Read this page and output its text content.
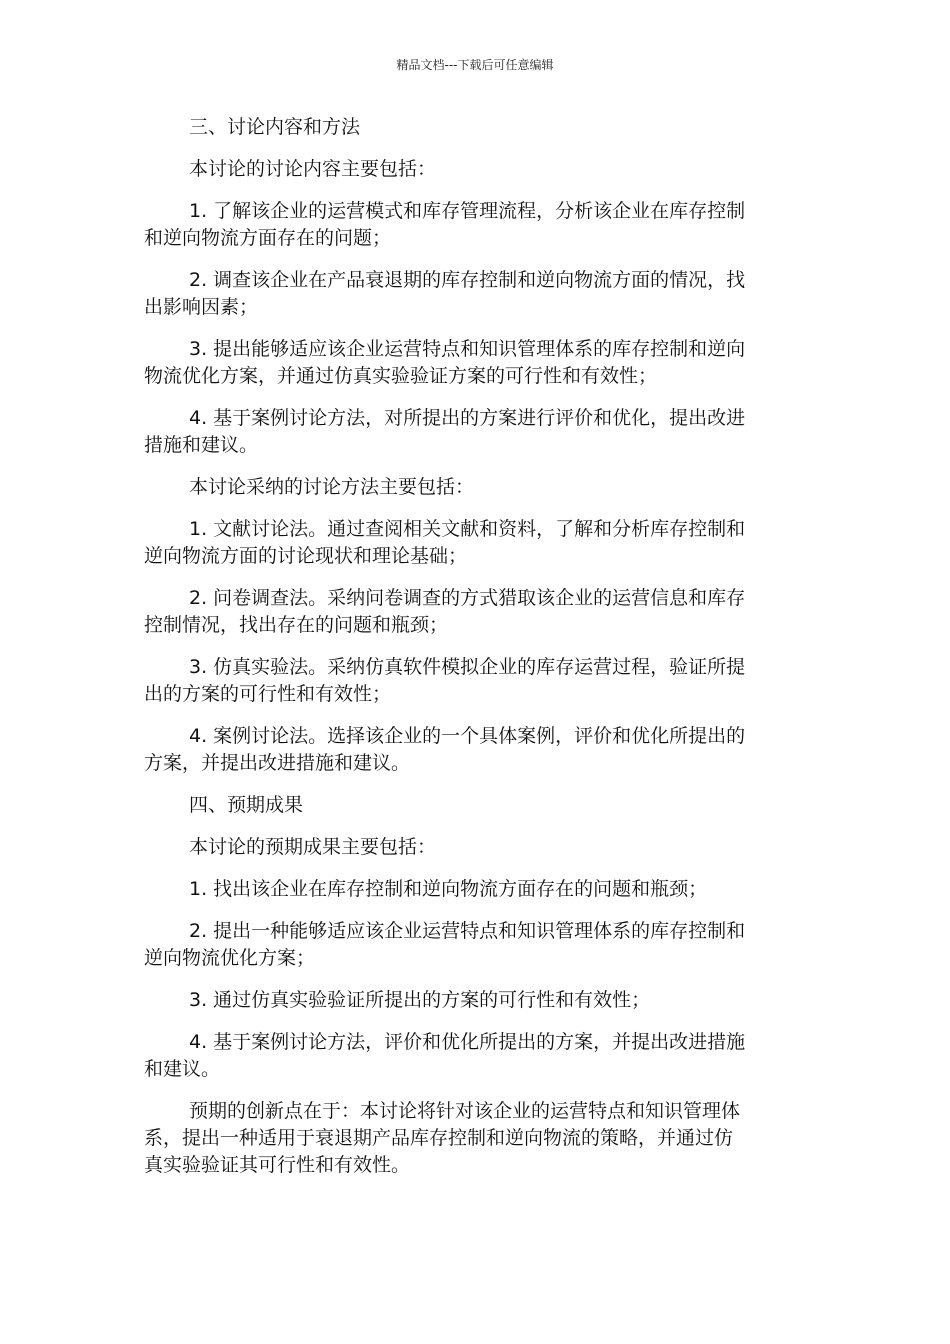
精品文档---下载后可任意编辑

三、讨论内容和方法

本讨论的讨论内容主要包括：

1. 了解该企业的运营模式和库存管理流程，分析该企业在库存控制
和逆向物流方面存在的问题；
2. 调查该企业在产品衰退期的库存控制和逆向物流方面的情况，找
出影响因素；
3. 提出能够适应该企业运营特点和知识管理体系的库存控制和逆向
物流优化方案，并通过仿真实验验证方案的可行性和有效性；
4. 基于案例讨论方法，对所提出的方案进行评价和优化，提出改进
措施和建议。

本讨论采纳的讨论方法主要包括：

1. 文献讨论法。通过查阅相关文献和资料，了解和分析库存控制和
逆向物流方面的讨论现状和理论基础；
2. 问卷调查法。采纳问卷调查的方式猎取该企业的运营信息和库存
控制情况，找出存在的问题和瓶颈；
3. 仿真实验法。采纳仿真软件模拟企业的库存运营过程，验证所提
出的方案的可行性和有效性；
4. 案例讨论法。选择该企业的一个具体案例，评价和优化所提出的
方案，并提出改进措施和建议。

四、预期成果

本讨论的预期成果主要包括：

1. 找出该企业在库存控制和逆向物流方面存在的问题和瓶颈；
2. 提出一种能够适应该企业运营特点和知识管理体系的库存控制和
逆向物流优化方案；
3. 通过仿真实验验证所提出的方案的可行性和有效性；
4. 基于案例讨论方法，评价和优化所提出的方案，并提出改进措施
和建议。
预期的创新点在于：本讨论将针对该企业的运营特点和知识管理体
系，提出一种适用于衰退期产品库存控制和逆向物流的策略，并通过仿
真实验验证其可行性和有效性。
